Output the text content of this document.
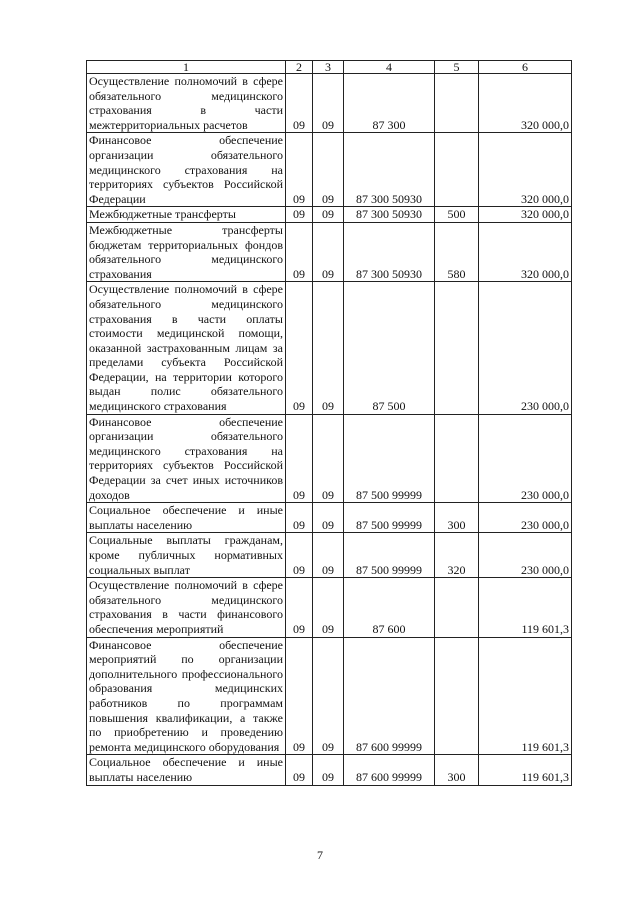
1	2	3	4	5	6
Осуществление полномочий в сфере обязательного медицинского страхования в части межтерриториальных расчетов	09	09	87 300		320 000,0
Финансовое обеспечение организации обязательного медицинского страхования на территориях субъектов Российской Федерации	09	09	87 300 50930		320 000,0
Межбюджетные трансферты	09	09	87 300 50930	500	320 000,0
Межбюджетные трансферты бюджетам территориальных фондов обязательного медицинского страхования	09	09	87 300 50930	580	320 000,0
Осуществление полномочий в сфере обязательного медицинского страхования в части оплаты стоимости медицинской помощи, оказанной застрахованным лицам за пределами субъекта Российской Федерации, на территории которого выдан полис обязательного медицинского страхования	09	09	87 500		230 000,0
Финансовое обеспечение организации обязательного медицинского страхования на территориях субъектов Российской Федерации за счет иных источников доходов	09	09	87 500 99999		230 000,0
Социальное обеспечение и иные выплаты населению	09	09	87 500 99999	300	230 000,0
Социальные выплаты гражданам, кроме публичных нормативных социальных выплат	09	09	87 500 99999	320	230 000,0
Осуществление полномочий в сфере обязательного медицинского страхования в части финансового обеспечения мероприятий	09	09	87 600		119 601,3
Финансовое обеспечение мероприятий по организации дополнительного профессионального образования медицинских работников по программам повышения квалификации, а также по приобретению и проведению ремонта медицинского оборудования	09	09	87 600 99999		119 601,3
Социальное обеспечение и иные выплаты населению	09	09	87 600 99999	300	119 601,3
7
